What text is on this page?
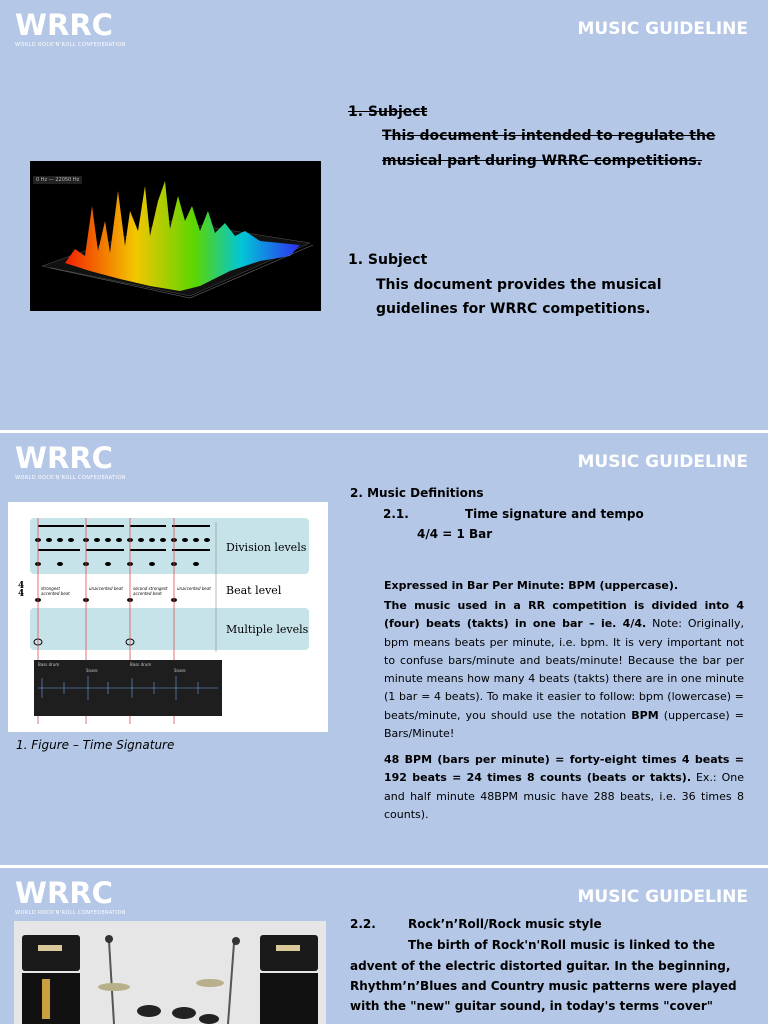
WRRC
WORLD ROCK'N'ROLL CONFEDERATION
MUSIC GUIDELINE
0 Hz — 22050 Hz
1. Subject
This document is intended to regulate the
musical part during WRRC competitions.
1. Subject
This document provides the musical
guidelines for WRRC competitions.
WRRC
WORLD ROCK'N'ROLL CONFEDERATION
MUSIC GUIDELINE
4
4
strongest accented beat
unaccented beat	second strongest accented beat
unaccented beat
Division levels
Beat level
Multiple levels
Bass drum
Snare
Bass drum
Snare
1. Figure – Time Signature
2. Music Definitions
2.1.	Time signature and tempo
4/4 = 1 Bar
Expressed in Bar Per Minute: BPM (uppercase).
The music used in a RR competition is divided into 4 (four) beats (takts) in one bar – ie. 4/4. Note: Originally, bpm means beats per minute, i.e. bpm. It is very important not to confuse bars/minute and beats/minute! Because the bar per minute means how many 4 beats (takts) there are in one minute (1 bar = 4 beats). To make it easier to follow: bpm (lowercase) = beats/minute, you should use the notation BPM (uppercase) = Bars/Minute!
48 BPM (bars per minute) = forty-eight times 4 beats = 192 beats = 24 times 8 counts (beats or takts). Ex.: One and half minute 48BPM music have 288 beats, i.e. 36 times 8 counts).
WRRC
WORLD ROCK'N'ROLL CONFEDERATION
MUSIC GUIDELINE
2.2.	Rock’n’Roll/Rock music style
The birth of Rock'n'Roll music is linked to the
advent of the electric distorted guitar. In the beginning,
Rhythm’n’Blues and Country music patterns were played
with the "new" guitar sound, in today's terms "cover"
